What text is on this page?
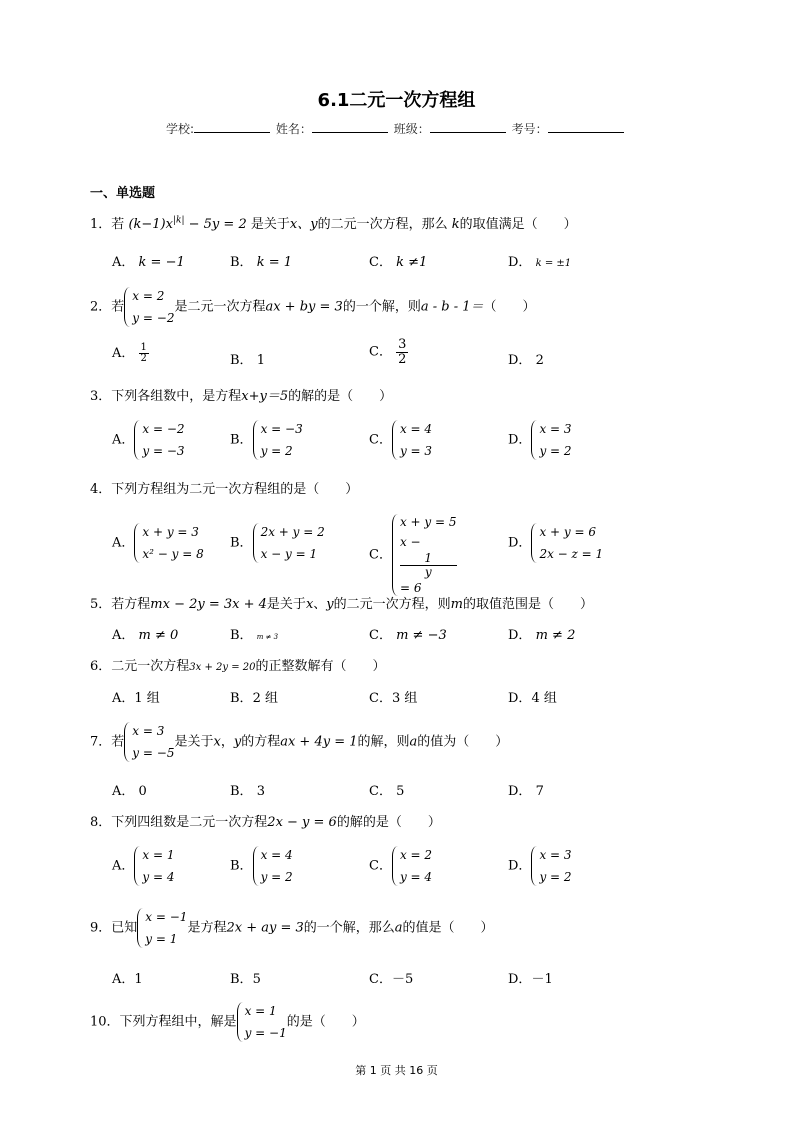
6.1二元一次方程组
学校:	姓名：	班级：	考号：
一、单选题
1．若 $(k-1)x^{|k|} - 5y = 2$ 是关于x、y的二元一次方程，那么 k的取值满足（　　）
A． k = −1	B． k = 1	C． k ≠1	D． k = ±1
2．若
x = 2
y = −2
是二元一次方程ax + by = 3的一个解，则a - b - 1＝（　　）
A． $\frac{1}{2}$	B． 1
C． $\frac{3}{2}$	D． 2
3．下列各组数中，是方程x+y＝5的解的是（　　）
A．
x = −2
y = −3
B．
x = −3
y = 2
C．
x = 4
y = 3
D．
x = 3
y = 2
4．下列方程组为二元一次方程组的是（　　）
A．
x + y = 3
x² − y = 8
B．
2x + y = 2
x − y = 1	C．
x + y = 5
x −
1
y
= 6
D．
x + y = 6
2x − z = 1
5．若方程mx − 2y = 3x + 4是关于x、y的二元一次方程，则m的取值范围是（　　）
A． m ≠ 0	B． m ≠ 3	C． m ≠ −3	D． m ≠ 2
6．二元一次方程3x + 2y = 20的正整数解有（　　）
A．1 组	B．2 组	C．3 组	D．4 组
7．若
x = 3
y = −5
是关于x，y的方程ax + 4y = 1的解，则a的值为（　　）
A． 0	B． 3	C． 5	D． 7
8．下列四组数是二元一次方程2x − y = 6的解的是（　　）
A．
x = 1
y = 4
B．
x = 4
y = 2
C．
x = 2
y = 4
D．
x = 3
y = 2
9．已知
x = −1
y = 1
是方程2x + ay = 3的一个解，那么a的值是（　　）
A．1	B．5	C．－5	D．－1
10．下列方程组中，解是
x = 1
y = −1
的是（　　）
第 1 页 共 16 页
